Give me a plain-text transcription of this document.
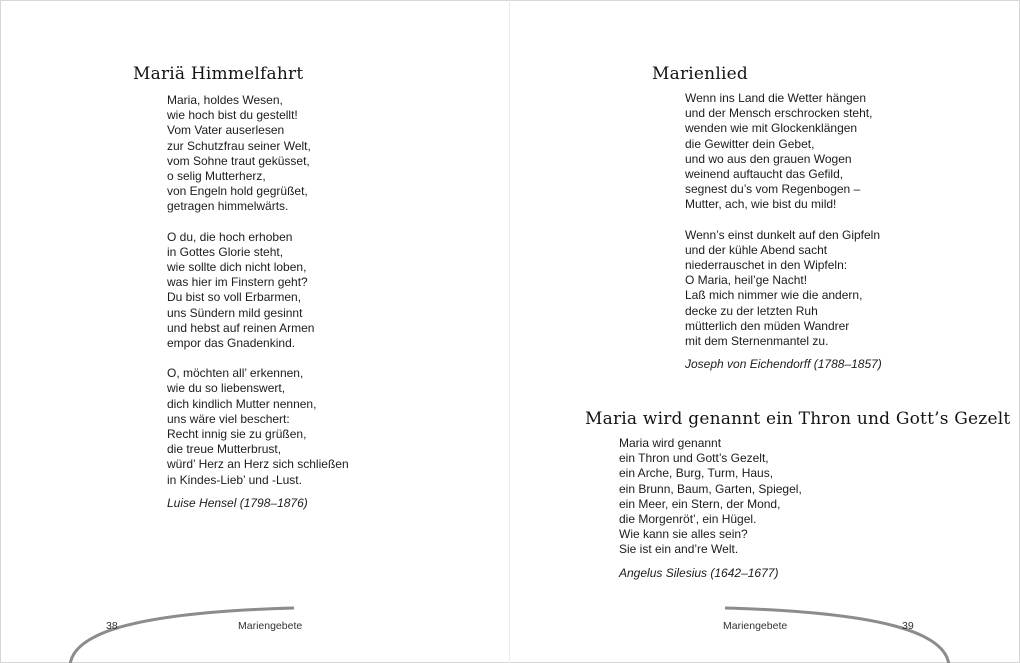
Mariä Himmelfahrt
Maria, holdes Wesen,
wie hoch bist du gestellt!
Vom Vater auserlesen
zur Schutzfrau seiner Welt,
vom Sohne traut geküsset,
o selig Mutterherz,
von Engeln hold gegrüßet,
getragen himmelwärts.
O du, die hoch erhoben
in Gottes Glorie steht,
wie sollte dich nicht loben,
was hier im Finstern geht?
Du bist so voll Erbarmen,
uns Sündern mild gesinnt
und hebst auf reinen Armen
empor das Gnadenkind.
O, möchten all’ erkennen,
wie du so liebenswert,
dich kindlich Mutter nennen,
uns wäre viel beschert:
Recht innig sie zu grüßen,
die treue Mutterbrust,
würd’ Herz an Herz sich schließen
in Kindes-Lieb’ und -Lust.
Luise Hensel (1798–1876)
38	Mariengebete
Marienlied
Wenn ins Land die Wetter hängen
und der Mensch erschrocken steht,
wenden wie mit Glockenklängen
die Gewitter dein Gebet,
und wo aus den grauen Wogen
weinend auftaucht das Gefild,
segnest du’s vom Regenbogen –
Mutter, ach, wie bist du mild!
Wenn’s einst dunkelt auf den Gipfeln
und der kühle Abend sacht
niederrauschet in den Wipfeln:
O Maria, heil’ge Nacht!
Laß mich nimmer wie die andern,
decke zu der letzten Ruh
mütterlich den müden Wandrer
mit dem Sternenmantel zu.
Joseph von Eichendorff (1788–1857)
Maria wird genannt ein Thron und Gott’s Gezelt
Maria wird genannt
ein Thron und Gott’s Gezelt,
ein Arche, Burg, Turm, Haus,
ein Brunn, Baum, Garten, Spiegel,
ein Meer, ein Stern, der Mond,
die Morgenröt’, ein Hügel.
Wie kann sie alles sein?
Sie ist ein and’re Welt.
Angelus Silesius (1642–1677)
Mariengebete	39
